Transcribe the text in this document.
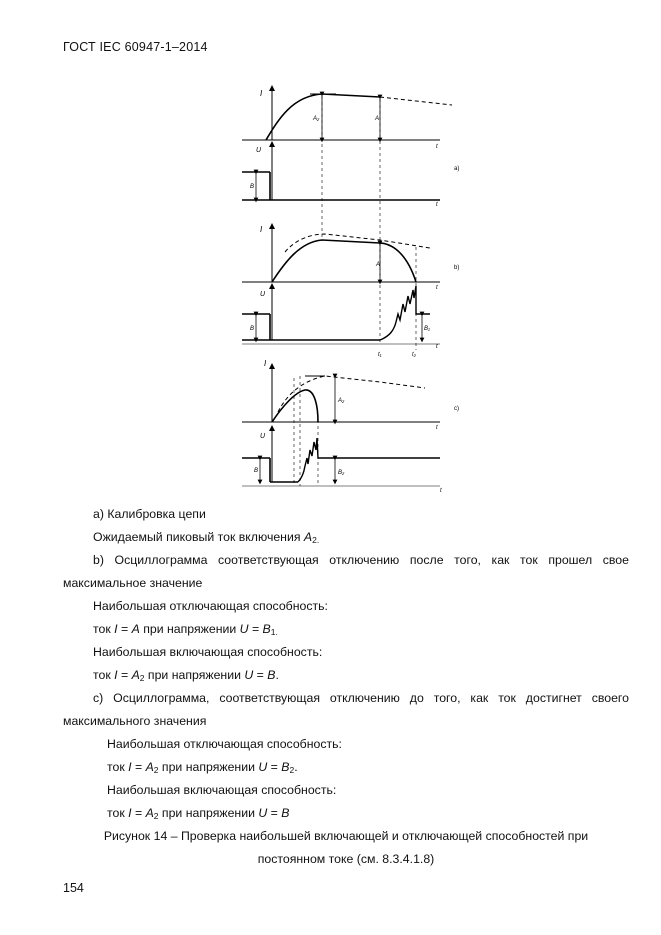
ГОСТ IEC 60947-1–2014
I
A₂	A
t
a)
U
B
t
I
A
t
b)
U
B	B₁
t₁	t₂
t
I
A₂
t
c)
U
B	B₂
t
а) Калибровка цепи
Ожидаемый пиковый ток включения $A_{2.}$
b) Осциллограмма соответствующая отключению после того, как ток прошел свое
максимальное значение
Наибольшая отключающая способность:
ток I = A при напряжении $U = B_{1.}$
Наибольшая включающая способность:
ток $I = A_2$ при напряжении U = B.
c) Осциллограмма, соответствующая отключению до того, как ток достигнет своего
максимального значения
Наибольшая отключающая способность:
ток $I = A_2$ при напряжении $U = B_2$.
Наибольшая включающая способность:
ток $I = A_2$ при напряжении U = B
Рисунок 14 – Проверка наибольшей включающей и отключающей способностей при
постоянном токе (см. 8.3.4.1.8)
154
